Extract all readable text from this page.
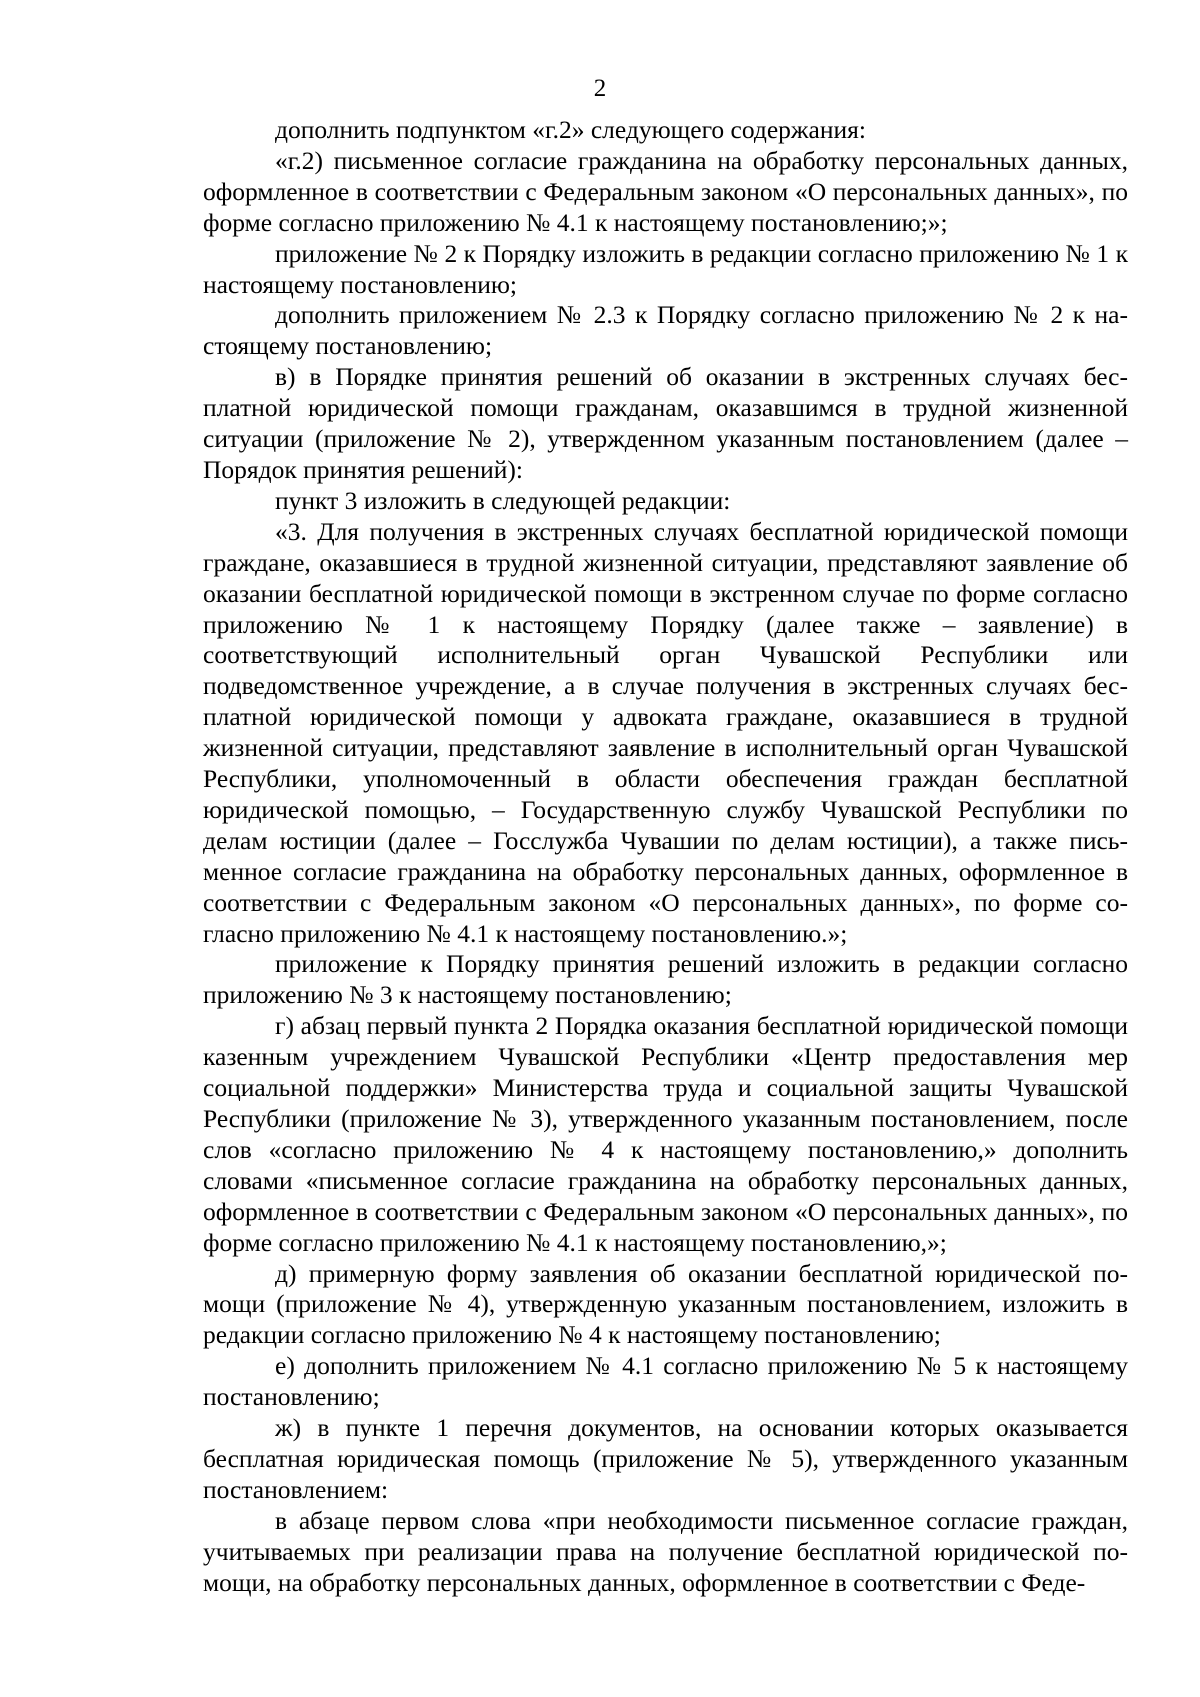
2

дополнить подпунктом «г.2» следующего содержания:

«г.2) письменное согласие гражданина на обработку персональных данных, оформленное в соответствии с Федеральным законом «О персональных данных», по форме согласно приложению № 4.1 к настоящему постановлению;»;

приложение № 2 к Порядку изложить в редакции согласно приложению № 1 к настоящему постановлению;

дополнить приложением № 2.3 к Порядку согласно приложению № 2 к настоящему постановлению;

в) в Порядке принятия решений об оказании в экстренных случаях бесплатной юридической помощи гражданам, оказавшимся в трудной жизненной ситуации (приложение № 2), утвержденном указанным постановлением (далее – Порядок принятия решений):

пункт 3 изложить в следующей редакции:

«3. Для получения в экстренных случаях бесплатной юридической помощи граждане, оказавшиеся в трудной жизненной ситуации, представляют заявление об оказании бесплатной юридической помощи в экстренном случае по форме согласно приложению № 1 к настоящему Порядку (далее также – заявление) в соответствующий исполнительный орган Чувашской Республики или подведомственное учреждение, а в случае получения в экстренных случаях бесплатной юридической помощи у адвоката граждане, оказавшиеся в трудной жизненной ситуации, представляют заявление в исполнительный орган Чувашской Республики, уполномоченный в области обеспечения граждан бесплатной юридической помощью, – Государственную службу Чувашской Республики по делам юстиции (далее – Госслужба Чувашии по делам юстиции), а также письменное согласие гражданина на обработку персональных данных, оформленное в соответствии с Федеральным законом «О персональных данных», по форме согласно приложению № 4.1 к настоящему постановлению.»;

приложение к Порядку принятия решений изложить в редакции согласно приложению № 3 к настоящему постановлению;

г) абзац первый пункта 2 Порядка оказания бесплатной юридической помощи казенным учреждением Чувашской Республики «Центр предоставления мер социальной поддержки» Министерства труда и социальной защиты Чувашской Республики (приложение № 3), утвержденного указанным постановлением, после слов «согласно приложению № 4 к настоящему постановлению,» дополнить словами «письменное согласие гражданина на обработку персональных данных, оформленное в соответствии с Федеральным законом «О персональных данных», по форме согласно приложению № 4.1 к настоящему постановлению,»;

д) примерную форму заявления об оказании бесплатной юридической помощи (приложение № 4), утвержденную указанным постановлением, изложить в редакции согласно приложению № 4 к настоящему постановлению;

е) дополнить приложением № 4.1 согласно приложению № 5 к настоящему постановлению;

ж) в пункте 1 перечня документов, на основании которых оказывается бесплатная юридическая помощь (приложение № 5), утвержденного указанным постановлением:

в абзаце первом слова «при необходимости письменное согласие граждан, учитываемых при реализации права на получение бесплатной юридической помощи, на обработку персональных данных, оформленное в соответствии с Феде-
